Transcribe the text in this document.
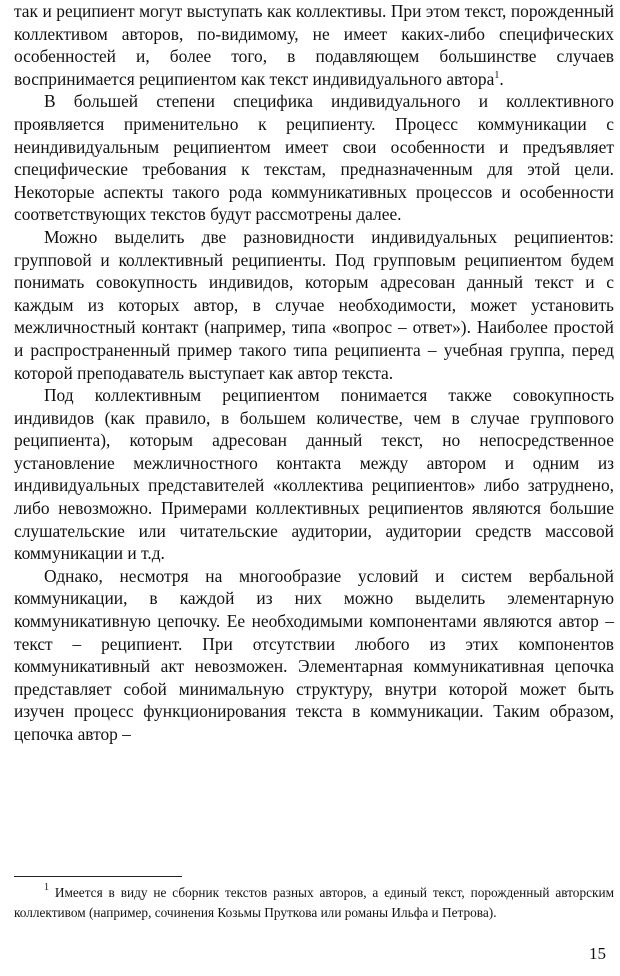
так и реципиент могут выступать как коллективы. При этом текст, порожденный коллективом авторов, по-видимому, не имеет каких-либо специфических особенностей и, более того, в подавляющем большинстве случаев воспринимается реципиентом как текст индивидуального автора$^1$.

В большей степени специфика индивидуального и коллективного проявляется применительно к реципиенту. Процесс коммуникации с неиндивидуальным реципиентом имеет свои особенности и предъявляет специфические требования к текстам, предназначенным для этой цели. Некоторые аспекты такого рода коммуникативных процессов и особенности соответствующих текстов будут рассмотрены далее.

Можно выделить две разновидности индивидуальных реципиентов: групповой и коллективный реципиенты. Под групповым реципиентом будем понимать совокупность индивидов, которым адресован данный текст и с каждым из которых автор, в случае необходимости, может установить межличностный контакт (например, типа «вопрос – ответ»). Наиболее простой и распространенный пример такого типа реципиента – учебная группа, перед которой преподаватель выступает как автор текста.

Под коллективным реципиентом понимается также совокупность индивидов (как правило, в большем количестве, чем в случае группового реципиента), которым адресован данный текст, но непосредственное установление межличностного контакта между автором и одним из индивидуальных представителей «коллектива реципиентов» либо затруднено, либо невозможно. Примерами коллективных реципиентов являются большие слушательские или читательские аудитории, аудитории средств массовой коммуникации и т.д.

Однако, несмотря на многообразие условий и систем вербальной коммуникации, в каждой из них можно выделить элементарную коммуникативную цепочку. Ее необходимыми компонентами являются автор – текст – реципиент. При отсутствии любого из этих компонентов коммуникативный акт невозможен. Элементарная коммуникативная цепочка представляет собой минимальную структуру, внутри которой может быть изучен процесс функционирования текста в коммуникации. Таким образом, цепочка автор –

$^1$ Имеется в виду не сборник текстов разных авторов, а единый текст, порожденный авторским коллективом (например, сочинения Козьмы Пруткова или романы Ильфа и Петрова).

15
